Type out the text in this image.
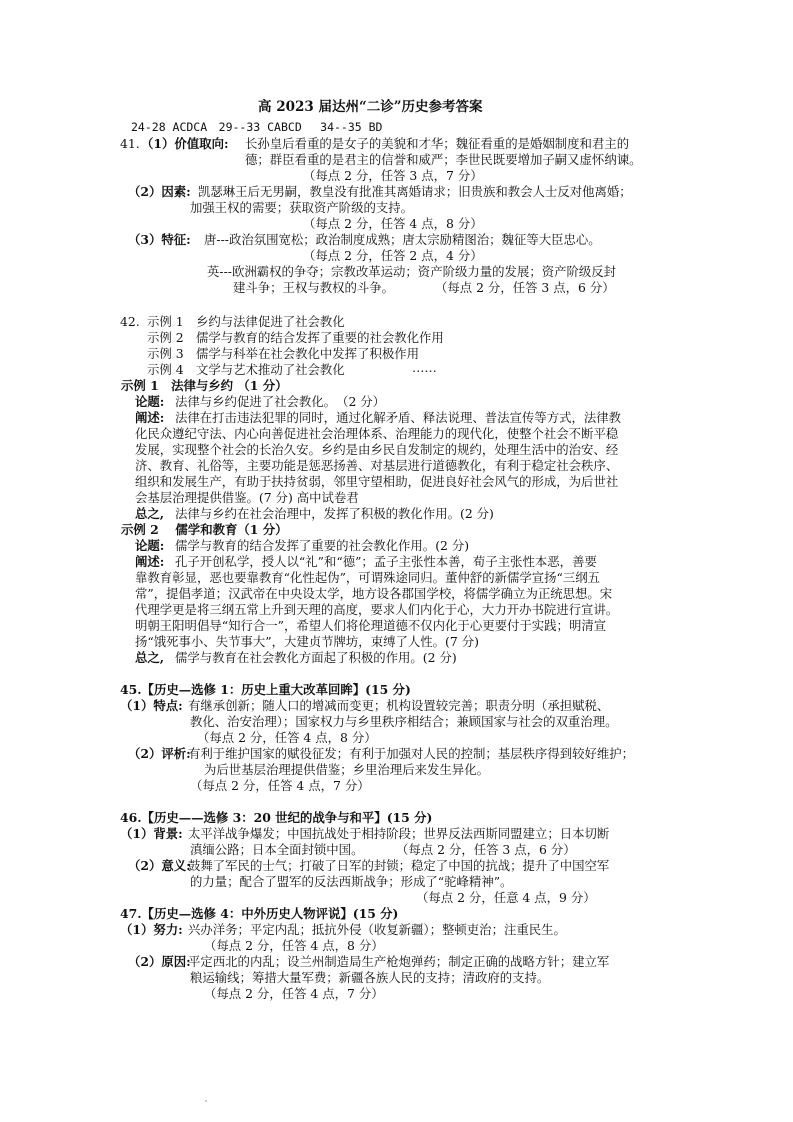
高 2023 届达州“二诊”历史参考答案
24-28 ACDCA　29--33 CABCD　 34--35 BD
41. （1）价值取向: 长孙皇后看重的是女子的美貌和才华；魏征看重的是婚姻制度和君主的
德；群臣看重的是君主的信誉和威严；李世民既要增加子嗣又虚怀纳谏。
（每点 2 分，任答 3 点，7 分）
（2）因素: 凯瑟琳王后无男嗣，教皇没有批准其离婚请求；旧贵族和教会人士反对他离婚；
加强王权的需要；获取资产阶级的支持。
（每点 2 分，任答 4 点，8 分）
（3）特征: 唐---政治氛围宽松；政治制度成熟；唐太宗励精图治；魏征等大臣忠心。
（每点 2 分，任答 2 点，4 分）
英---欧洲霸权的争夺；宗教改革运动；资产阶级力量的发展；资产阶级反封
建斗争；王权与教权的斗争。	（每点 2 分，任答 3 点，6 分）
42. 示例 1　乡约与法律促进了社会教化
示例 2　儒学与教育的结合发挥了重要的社会教化作用
示例 3　儒学与科举在社会教化中发挥了积极作用
示例 4　文学与艺术推动了社会教化	……
示例 1　法律与乡约 （1 分）
论题: 法律与乡约促进了社会教化。　（2 分）
阐述: 法律在打击违法犯罪的同时，通过化解矛盾、释法说理、普法宣传等方式，法律教
化民众遵纪守法、内心向善促进社会治理体系、治理能力的现代化，使整个社会不断平稳
发展，实现整个社会的长治久安。乡约是由乡民自发制定的规约，处理生活中的治安、经
济、教育、礼俗等，主要功能是惩恶扬善、对基层进行道德教化，有利于稳定社会秩序、
组织和发展生产，有助于扶持贫弱，邻里守望相助，促进良好社会风气的形成，为后世社
会基层治理提供借鉴。(7 分) 高中试卷君
总之, 法律与乡约在社会治理中，发挥了积极的教化作用。(2 分)
示例 2　 儒学和教育（1 分）
论题: 儒学与教育的结合发挥了重要的社会教化作用。(2 分)
阐述: 孔子开创私学，授人以“礼”和“德”；孟子主张性本善，荀子主张性本恶，善要
靠教育彰显，恶也要靠教育“化性起伪”，可谓殊途同归。董仲舒的新儒学宣扬“三纲五
常”，提倡孝道；汉武帝在中央设太学，地方设各郡国学校，将儒学确立为正统思想。宋
代理学更是将三纲五常上升到天理的高度，要求人们内化于心，大力开办书院进行宣讲。
明朝王阳明倡导“知行合一”，希望人们将伦理道德不仅内化于心更要付于实践；明清宣
扬“饿死事小、失节事大”，大建贞节牌坊，束缚了人性。(7 分)
总之, 儒学与教育在社会教化方面起了积极的作用。(2 分)
45.【历史—选修 1：历史上重大改革回眸】(15 分)
（1）特点: 有继承创新；随人口的增减而变更；机构设置较完善；职责分明（承担赋税、
教化、治安治理）；国家权力与乡里秩序相结合；兼顾国家与社会的双重治理。
（每点 2 分，任答 4 点，8 分）
（2）评析:
有利于维护国家的赋役征发；有利于加强对人民的控制；基层秩序得到较好维护；
为后世基层治理提供借鉴；乡里治理后来发生异化。
（每点 2 分，任答 4 点，7 分）
46.【历史——选修 3：20 世纪的战争与和平】(15 分)
（1）背景: 太平洋战争爆发；中国抗战处于相持阶段；世界反法西斯同盟建立；日本切断
滇缅公路；日本全面封锁中国。	（每点 2 分，任答 3 点，6 分）
（2）意义:
鼓舞了军民的士气；打破了日军的封锁；稳定了中国的抗战；提升了中国空军
的力量；配合了盟军的反法西斯战争；形成了“驼峰精神”。
（每点 2 分，任意 4 点，9 分）
47.【历史—选修 4：中外历史人物评说】(15 分)
（1）努力: 兴办洋务；平定内乱；抵抗外侵（收复新疆）；整顿吏治；注重民生。
（每点 2 分，任答 4 点，8 分）
（2）原因:
平定西北的内乱；设兰州制造局生产枪炮弹药；制定正确的战略方针；建立军
粮运输线；筹措大量军费；新疆各族人民的支持；清政府的支持。
（每点 2 分，任答 4 点，7 分）
